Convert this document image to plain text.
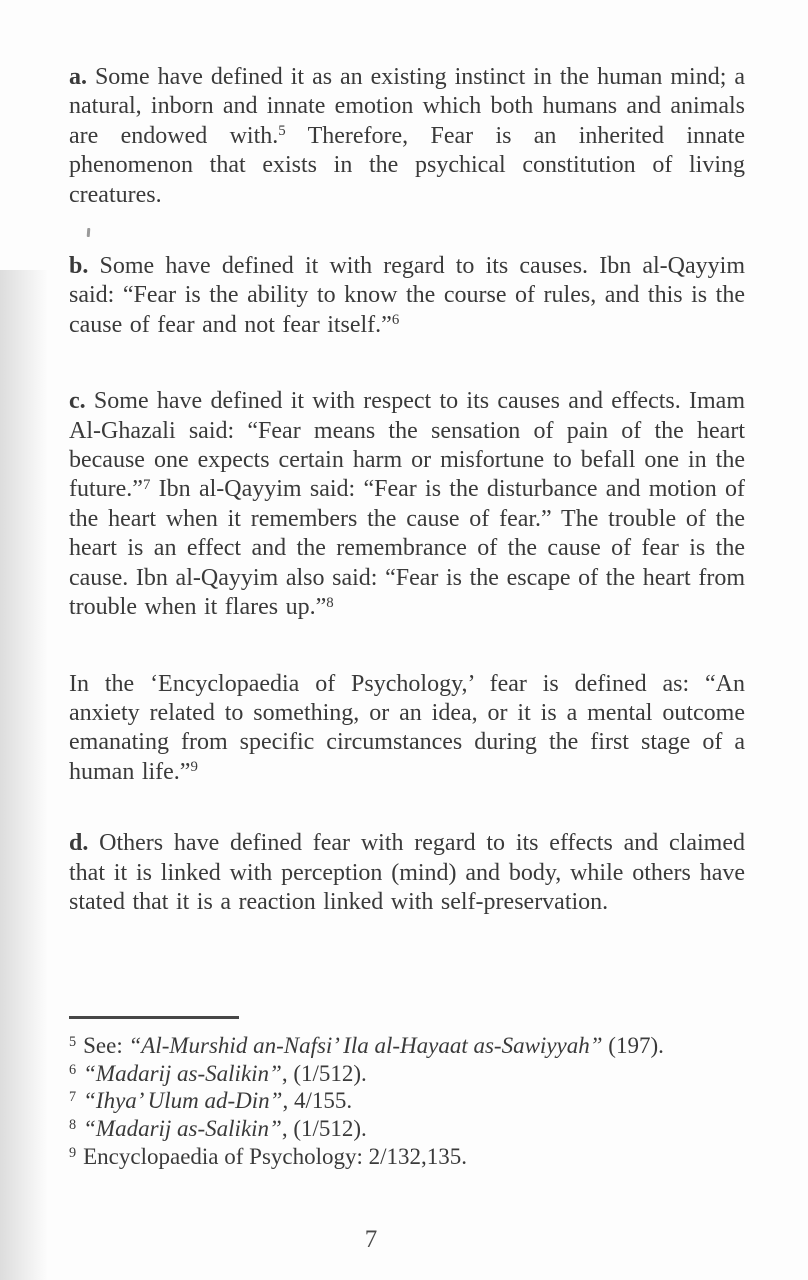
a. Some have defined it as an existing instinct in the human mind; a natural, inborn and innate emotion which both humans and animals are endowed with.$^5$ Therefore, Fear is an inherited innate phenomenon that exists in the psychical constitution of living creatures.

b. Some have defined it with regard to its causes. Ibn al-Qayyim said: “Fear is the ability to know the course of rules, and this is the cause of fear and not fear itself.”$^6$

c. Some have defined it with respect to its causes and effects. Imam Al-Ghazali said: “Fear means the sensation of pain of the heart because one expects certain harm or misfortune to befall one in the future.”$^7$ Ibn al-Qayyim said: “Fear is the disturbance and motion of the heart when it remembers the cause of fear.” The trouble of the heart is an effect and the remembrance of the cause of fear is the cause. Ibn al-Qayyim also said: “Fear is the escape of the heart from trouble when it flares up.”$^8$

In the ‘Encyclopaedia of Psychology,’ fear is defined as: “An anxiety related to something, or an idea, or it is a mental outcome emanating from specific circumstances during the first stage of a human life.”$^9$

d. Others have defined fear with regard to its effects and claimed that it is linked with perception (mind) and body, while others have stated that it is a reaction linked with self-preservation.

$^5$ See: “Al-Murshid an-Nafsi’ Ila al-Hayaat as-Sawiyyah” (197).
$^6$ “Madarij as-Salikin”, (1/512).
$^7$ “Ihya’ Ulum ad-Din”, 4/155.
$^8$ “Madarij as-Salikin”, (1/512).
$^9$ Encyclopaedia of Psychology: 2/132,135.
7
